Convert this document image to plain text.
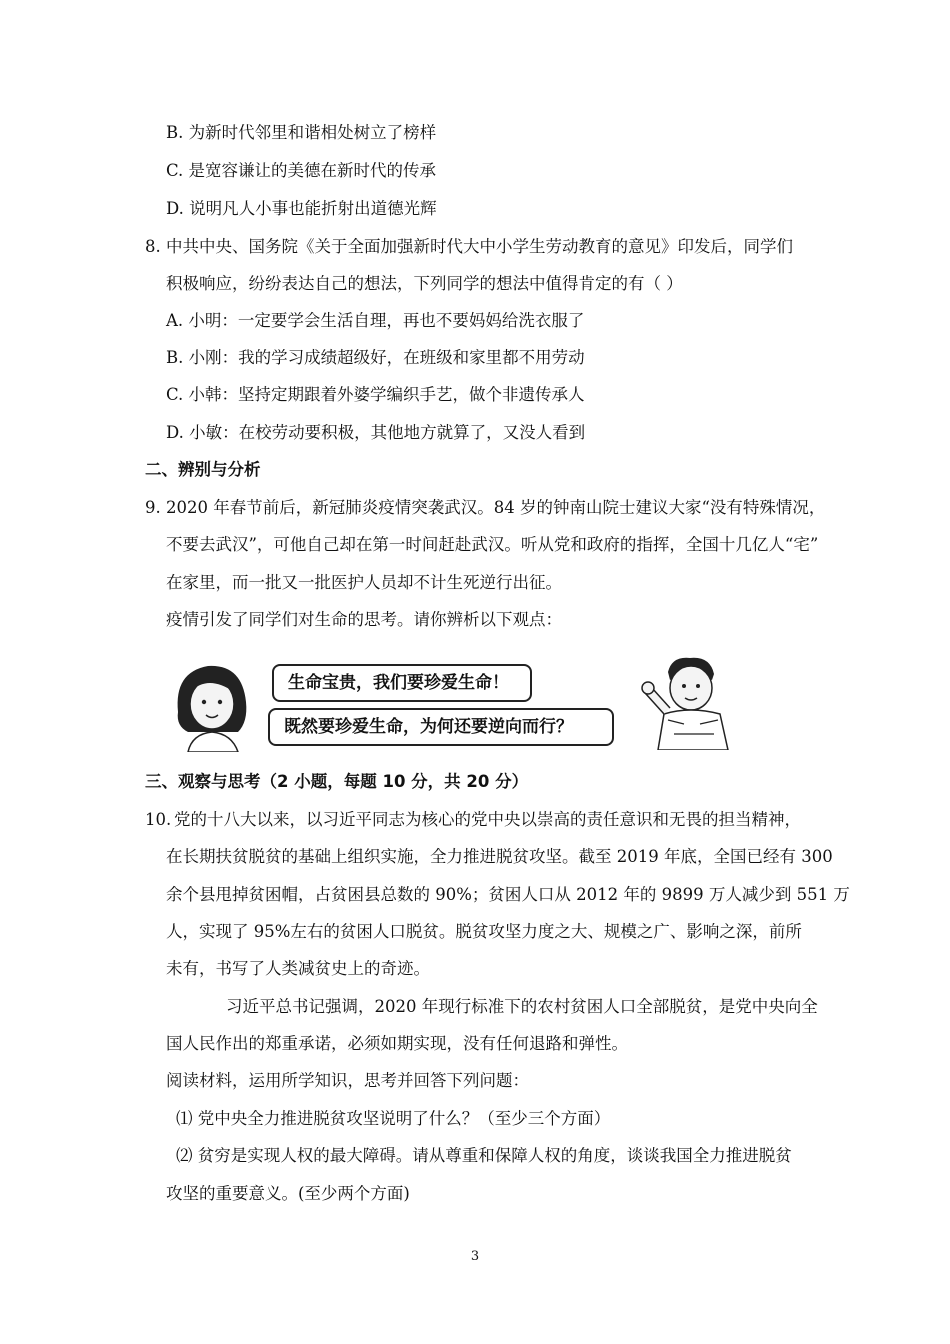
B. 为新时代邻里和谐相处树立了榜样
C. 是宽容谦让的美德在新时代的传承
D. 说明凡人小事也能折射出道德光辉
8. 中共中央、国务院《关于全面加强新时代大中小学生劳动教育的意见》印发后，同学们
积极响应，纷纷表达自己的想法，下列同学的想法中值得肯定的有（ ）
A. 小明：一定要学会生活自理，再也不要妈妈给洗衣服了
B. 小刚：我的学习成绩超级好，在班级和家里都不用劳动
C. 小韩：坚持定期跟着外婆学编织手艺，做个非遗传承人
D. 小敏：在校劳动要积极，其他地方就算了，又没人看到
二、辨别与分析
9. 2020 年春节前后，新冠肺炎疫情突袭武汉。84 岁的钟南山院士建议大家“没有特殊情况，
不要去武汉”，可他自己却在第一时间赶赴武汉。听从党和政府的指挥，全国十几亿人“宅”
在家里，而一批又一批医护人员却不计生死逆行出征。
疫情引发了同学们对生命的思考。请你辨析以下观点：
生命宝贵，我们要珍爱生命！
既然要珍爱生命，为何还要逆向而行？
三、观察与思考（2 小题，每题 10 分，共 20 分）
10. 党的十八大以来，以习近平同志为核心的党中央以崇高的责任意识和无畏的担当精神，
在长期扶贫脱贫的基础上组织实施，全力推进脱贫攻坚。截至 2019 年底，全国已经有 300
余个县甩掉贫困帽，占贫困县总数的 90%；贫困人口从 2012 年的 9899 万人减少到 551 万
人，实现了 95%左右的贫困人口脱贫。脱贫攻坚力度之大、规模之广、影响之深，前所
未有，书写了人类减贫史上的奇迹。
习近平总书记强调，2020 年现行标准下的农村贫困人口全部脱贫，是党中央向全
国人民作出的郑重承诺，必须如期实现，没有任何退路和弹性。
阅读材料，运用所学知识，思考并回答下列问题：
⑴ 党中央全力推进脱贫攻坚说明了什么？（至少三个方面）
⑵ 贫穷是实现人权的最大障碍。请从尊重和保障人权的角度，谈谈我国全力推进脱贫
攻坚的重要意义。(至少两个方面)
3
